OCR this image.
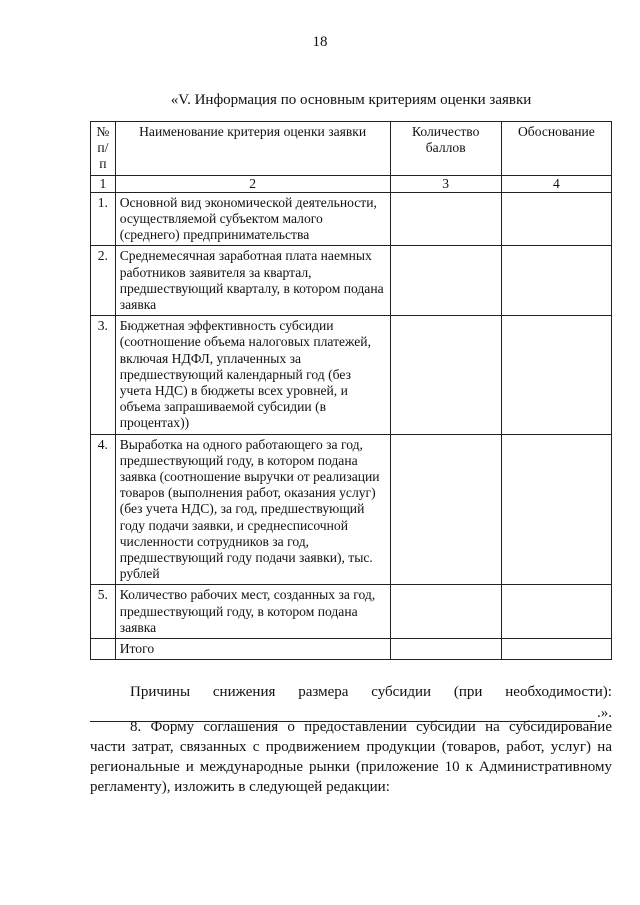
18
«V. Информация по основным критериям оценки заявки
№ п/п	Наименование критерия оценки заявки	Количество баллов	Обоснование
1	2	3	4
1.	Основной вид экономической деятельности, осуществляемой субъектом малого (среднего) предпринимательства		
2.	Среднемесячная заработная плата наемных работников заявителя за квартал, предшествующий кварталу, в котором подана заявка		
3.	Бюджетная эффективность субсидии (соотношение объема налоговых платежей, включая НДФЛ, уплаченных за предшествующий календарный год (без учета НДС) в бюджеты всех уровней, и объема запрашиваемой субсидии (в процентах))		
4.	Выработка на одного работающего за год, предшествующий году, в котором подана заявка (соотношение выручки от реализации товаров (выполнения работ, оказания услуг) (без учета НДС), за год, предшествующий году подачи заявки, и среднесписочной численности сотрудников за год, предшествующий году подачи заявки), тыс. рублей		
5.	Количество рабочих мест, созданных за год, предшествующий году, в котором подана заявка		
	Итого		
Причины снижения размера субсидии (при необходимости):
.».
8. Форму соглашения о предоставлении субсидии на субсидирование части затрат, связанных с продвижением продукции (товаров, работ, услуг) на региональные и международные рынки (приложение 10 к Административному регламенту), изложить в следующей редакции:
